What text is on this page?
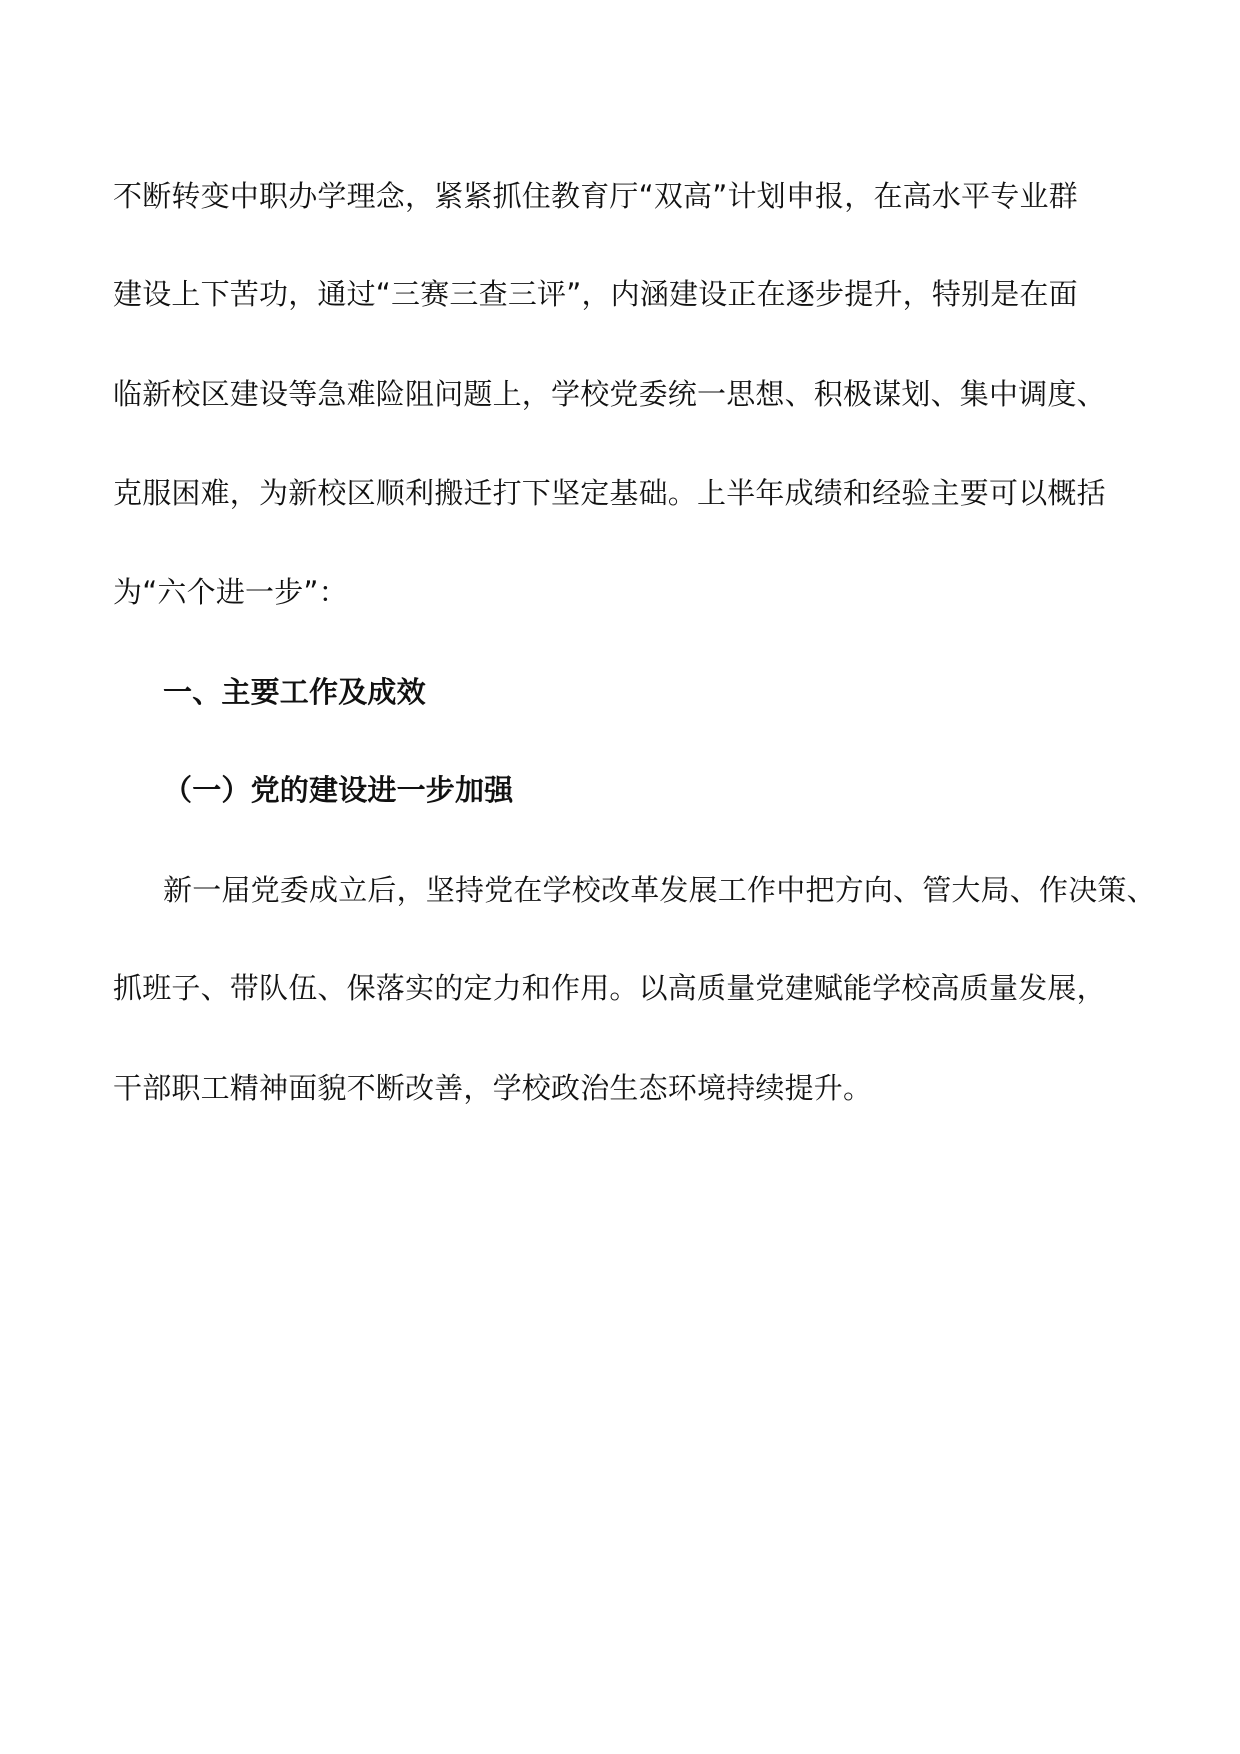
不断转变中职办学理念，紧紧抓住教育厅“双高”计划申报，在高水平专业群

建设上下苦功，通过“三赛三查三评”，内涵建设正在逐步提升，特别是在面

临新校区建设等急难险阻问题上，学校党委统一思想、积极谋划、集中调度、

克服困难，为新校区顺利搬迁打下坚定基础。上半年成绩和经验主要可以概括

为“六个进一步”：

一、主要工作及成效

（一）党的建设进一步加强

新一届党委成立后，坚持党在学校改革发展工作中把方向、管大局、作决策、

抓班子、带队伍、保落实的定力和作用。以高质量党建赋能学校高质量发展，

干部职工精神面貌不断改善，学校政治生态环境持续提升。
